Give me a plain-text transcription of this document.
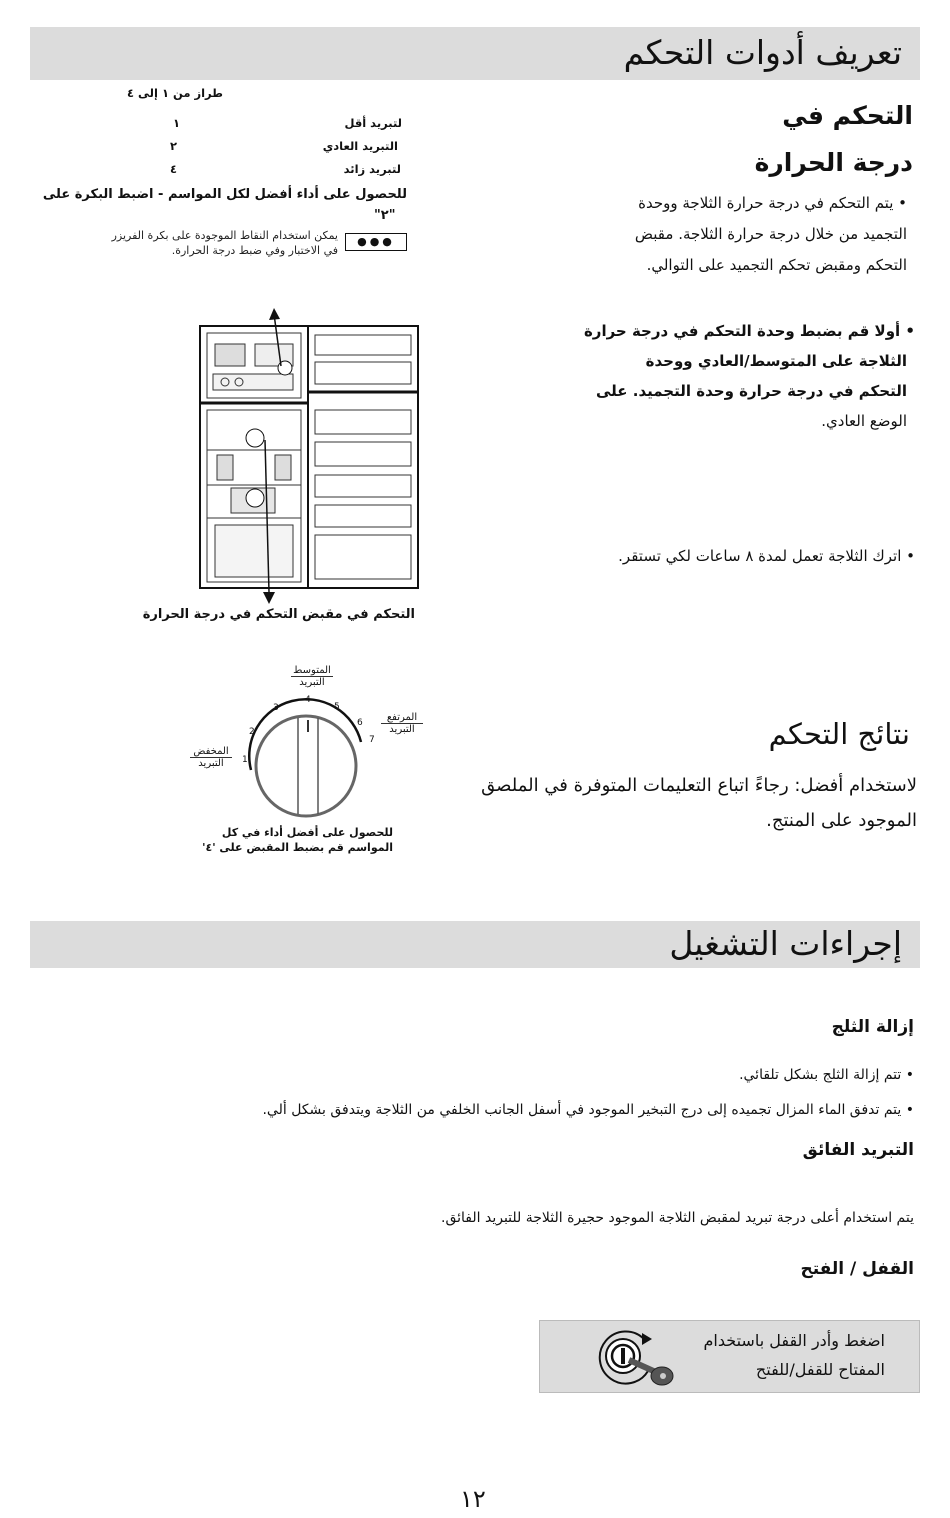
تعريف أدوات التحكم
طراز من ١ إلى ٤
لتبريد أقل
١
التبريد العادي
٢
لتبريد زائد
٤
للحصول على أداء أفضل لكل المواسم - اضبط البكرة على
"٢"
●●●
يمكن استخدام النقاط الموجودة على بكرة الفريزر
في الاختبار وفي ضبط درجة الحرارة.
التحكم في
درجة الحرارة
• يتم التحكم في درجة حرارة الثلاجة ووحدة
التجميد من خلال درجة حرارة الثلاجة. مقبض
التحكم ومقبض تحكم التجميد على التوالي.
• أولا قم بضبط وحدة التحكم في درجة حرارة
الثلاجة على المتوسط/العادي ووحدة
التحكم في درجة حرارة وحدة التجميد. على
الوضع العادي.
• اترك الثلاجة تعمل لمدة ٨ ساعات لكي تستقر.
التحكم في مقبض التحكم في درجة الحرارة
1
2
3
4
5
6
7
المخفض
التبريد
المتوسط
التبريد
المرتفع
التبريد
للحصول على أفضل أداء في كل
المواسم قم بضبط المقبض على '٤'
نتائج التحكم
لاستخدام أفضل: رجاءً اتباع التعليمات المتوفرة في الملصق
الموجود على المنتج.
إجراءات التشغيل
إزالة الثلج
• تتم إزالة الثلج بشكل تلقائي.
• يتم تدفق الماء المزال تجميده إلى درج التبخير الموجود في أسفل الجانب الخلفي من الثلاجة ويتدفق بشكل ألي.
التبريد الفائق
يتم استخدام أعلى درجة تبريد لمقبض الثلاجة الموجود حجيرة الثلاجة للتبريد الفائق.
القفل / الفتح
اضغط وأدر القفل باستخدام
المفتاح للقفل/للفتح
١٢
